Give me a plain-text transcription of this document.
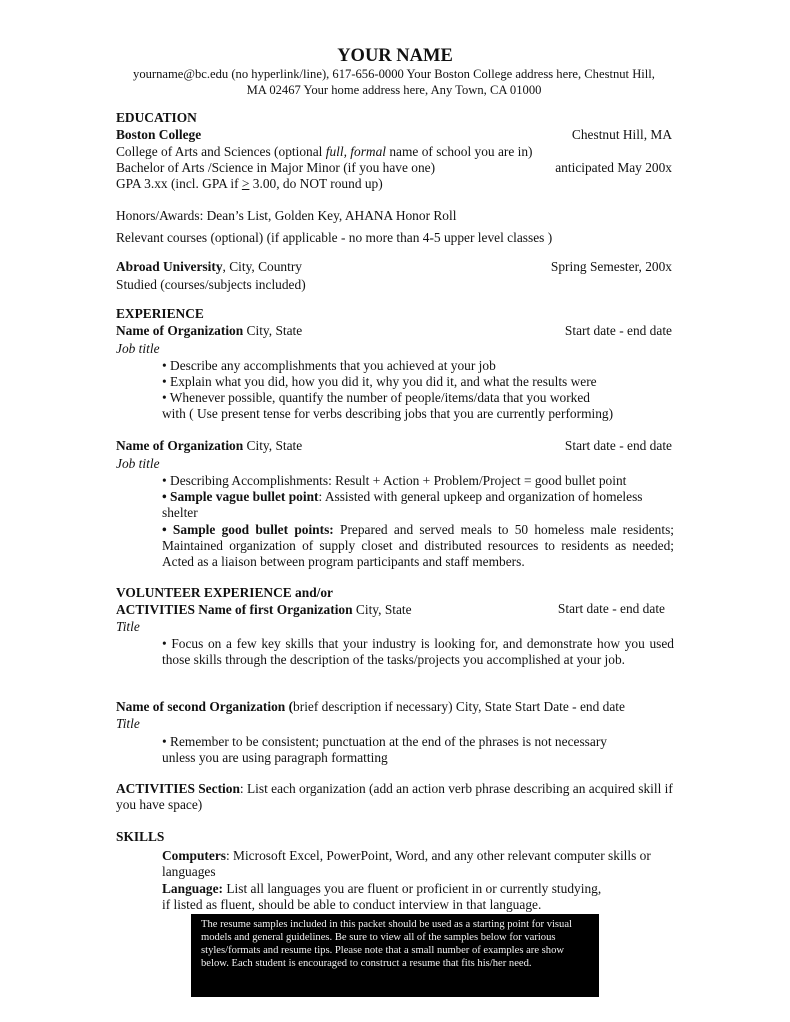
YOUR NAME
yourname@bc.edu (no hyperlink/line), 617-656-0000 Your Boston College address here, Chestnut Hill,
MA 02467 Your home address here, Any Town, CA 01000
EDUCATION
Boston College	Chestnut Hill, MA
College of Arts and Sciences (optional full, formal name of school you are in)
Bachelor of Arts /Science in Major Minor (if you have one)	anticipated May 200x
GPA 3.xx (incl. GPA if > 3.00, do NOT round up)
Honors/Awards: Dean’s List, Golden Key, AHANA Honor Roll
Relevant courses (optional) (if applicable - no more than 4-5 upper level classes )
Abroad University, City, Country	Spring Semester, 200x
Studied (courses/subjects included)
EXPERIENCE
Name of Organization City, State	Start date - end date
Job title
• Describe any accomplishments that you achieved at your job
• Explain what you did, how you did it, why you did it, and what the results were
• Whenever possible, quantify the number of people/items/data that you worked
with ( Use present tense for verbs describing jobs that you are currently performing)
Name of Organization City, State	Start date - end date
Job title
• Describing Accomplishments: Result + Action + Problem/Project = good bullet point
• Sample vague bullet point: Assisted with general upkeep and organization of homeless shelter
• Sample good bullet points: Prepared and served meals to 50 homeless male residents; Maintained organization of supply closet and distributed resources to residents as needed; Acted as a liaison between program participants and staff members.
VOLUNTEER EXPERIENCE and/or
ACTIVITIES Name of first Organization City, State	Start date - end date
Title
• Focus on a few key skills that your industry is looking for, and demonstrate how you used those skills through the description of the tasks/projects you accomplished at your job.
Name of second Organization (brief description if necessary) City, State Start Date - end date
Title
• Remember to be consistent; punctuation at the end of the phrases is not necessary
unless you are using paragraph formatting
ACTIVITIES Section: List each organization (add an action verb phrase describing an acquired skill if you have space)
SKILLS
Computers: Microsoft Excel, PowerPoint, Word, and any other relevant computer skills or languages
Language: List all languages you are fluent or proficient in or currently studying,
if listed as fluent, should be able to conduct interview in that language.
The resume samples included in this packet should be used as a starting point for visual models and general guidelines. Be sure to view all of the samples below for various styles/formats and resume tips. Please note that a small number of examples are show below. Each student is encouraged to construct a resume that fits his/her need.
